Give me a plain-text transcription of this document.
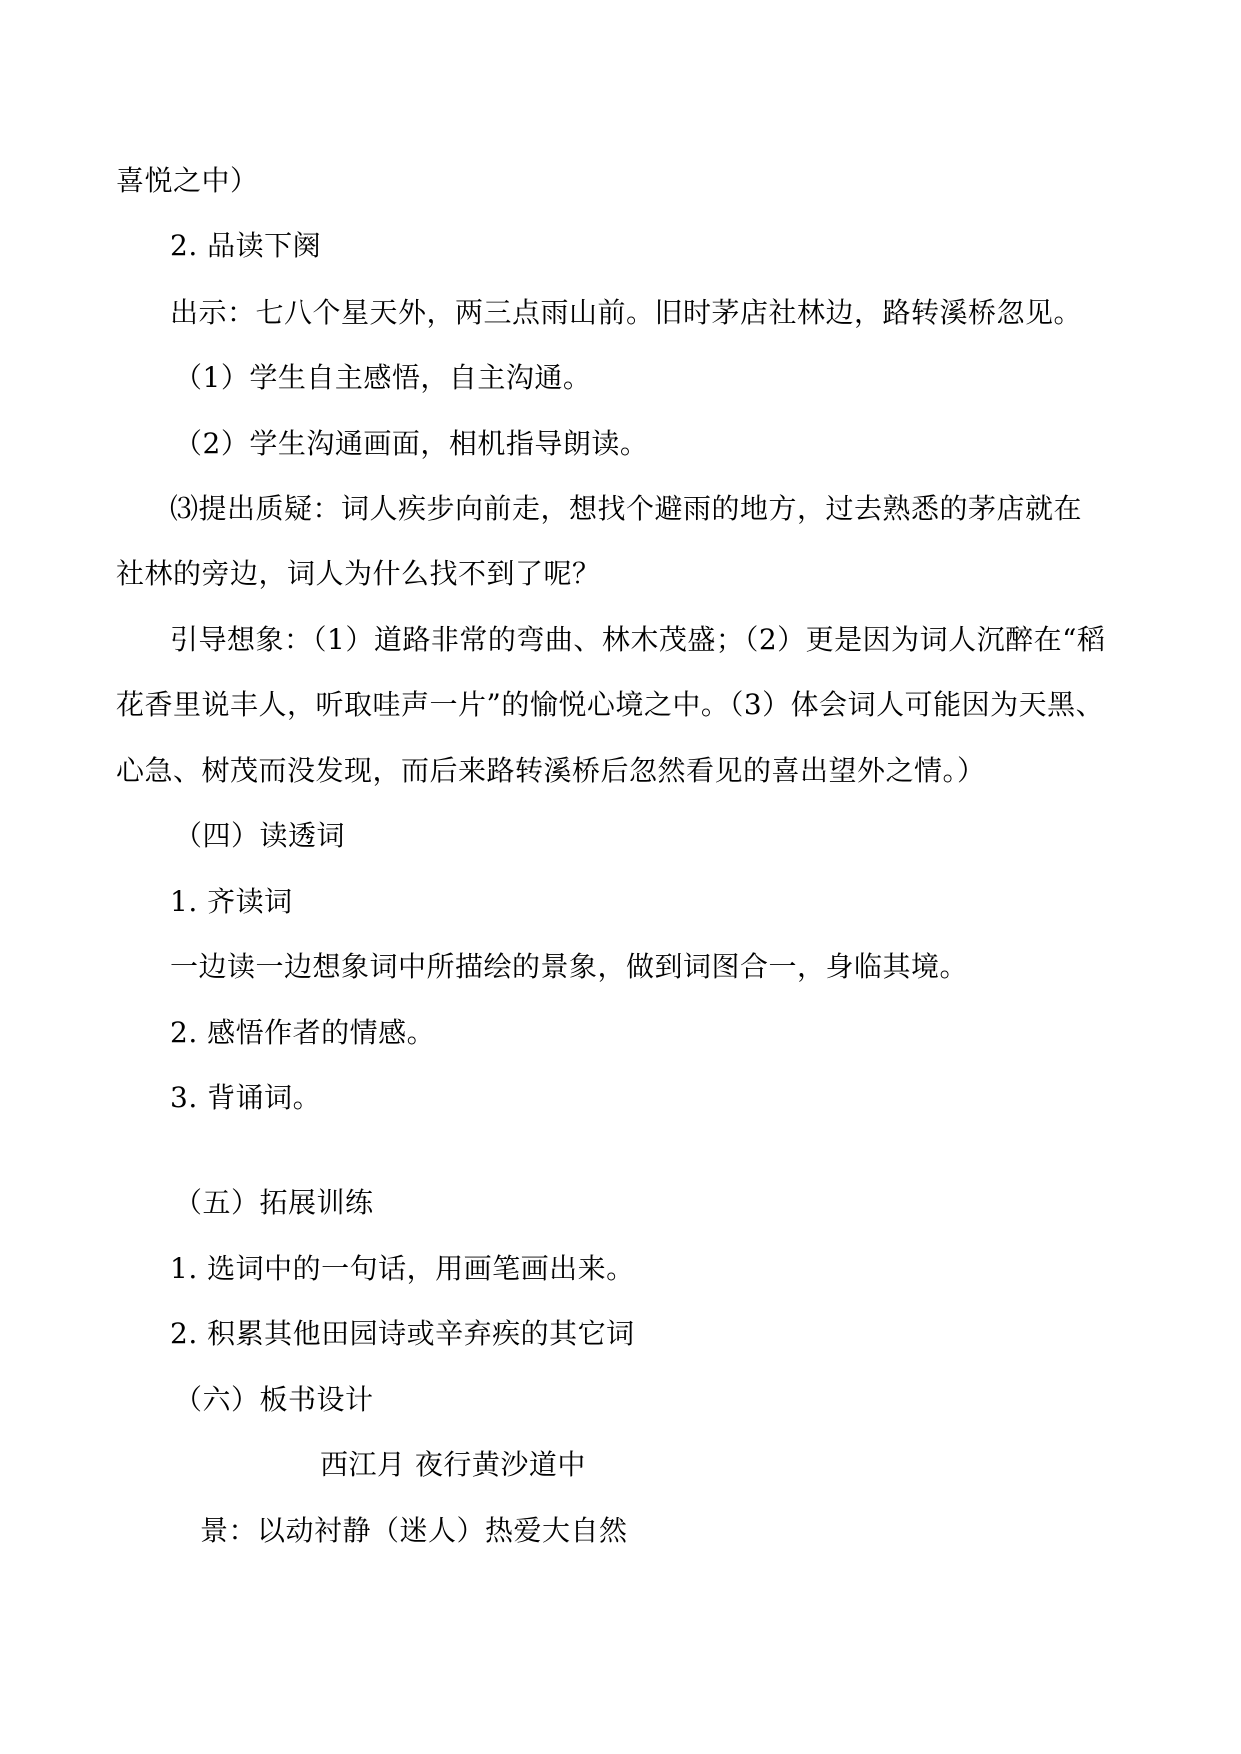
喜悦之中）
2. 品读下阕
出示：七八个星天外，两三点雨山前。旧时茅店社林边，路转溪桥忽见。
（1）学生自主感悟，自主沟通。
（2）学生沟通画面，相机指导朗读。
⑶提出质疑：词人疾步向前走，想找个避雨的地方，过去熟悉的茅店就在
社林的旁边，词人为什么找不到了呢？
引导想象：（1）道路非常的弯曲、林木茂盛；（2）更是因为词人沉醉在“稻
花香里说丰人，听取哇声一片”的愉悦心境之中。（3）体会词人可能因为天黑、
心急、树茂而没发现，而后来路转溪桥后忽然看见的喜出望外之情。）
（四）读透词
1. 齐读词
一边读一边想象词中所描绘的景象，做到词图合一，身临其境。
2. 感悟作者的情感。
3. 背诵词。
（五）拓展训练
1. 选词中的一句话，用画笔画出来。
2. 积累其他田园诗或辛弃疾的其它词
（六）板书设计
西江月 夜行黄沙道中
景：以动衬静（迷人）热爱大自然
